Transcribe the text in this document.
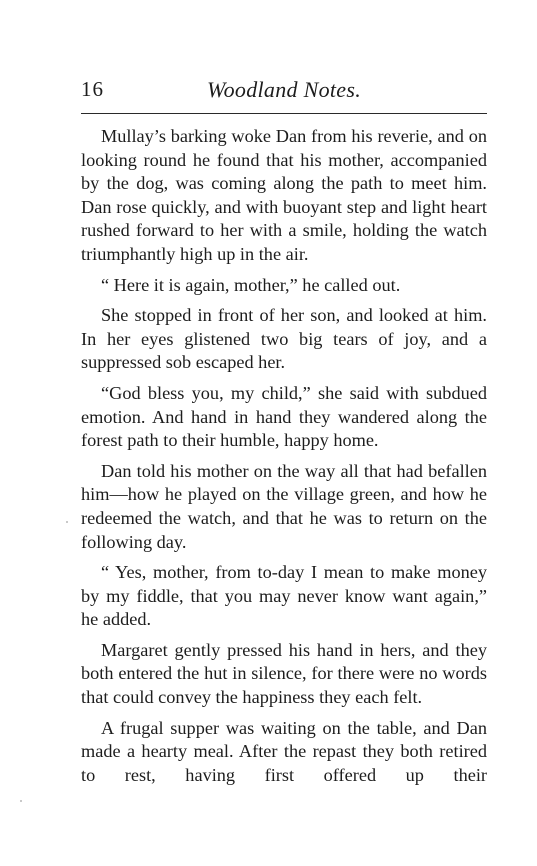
16	Woodland Notes.

Mullay’s barking woke Dan from his reverie, and on looking round he found that his mother, accompanied by the dog, was coming along the path to meet him. Dan rose quickly, and with buoyant step and light heart rushed forward to her with a smile, holding the watch triumphantly high up in the air.

“ Here it is again, mother,” he called out.

She stopped in front of her son, and looked at him. In her eyes glistened two big tears of joy, and a suppressed sob escaped her.

“God bless you, my child,” she said with subdued emotion. And hand in hand they wandered along the forest path to their humble, happy home.

Dan told his mother on the way all that had befallen him—how he played on the village green, and how he redeemed the watch, and that he was to return on the following day.

“ Yes, mother, from to-day I mean to make money by my fiddle, that you may never know want again,” he added.

Margaret gently pressed his hand in hers, and they both entered the hut in silence, for there were no words that could convey the happiness they each felt.

A frugal supper was waiting on the table, and Dan made a hearty meal. After the repast they both retired to rest, having first offered up their
